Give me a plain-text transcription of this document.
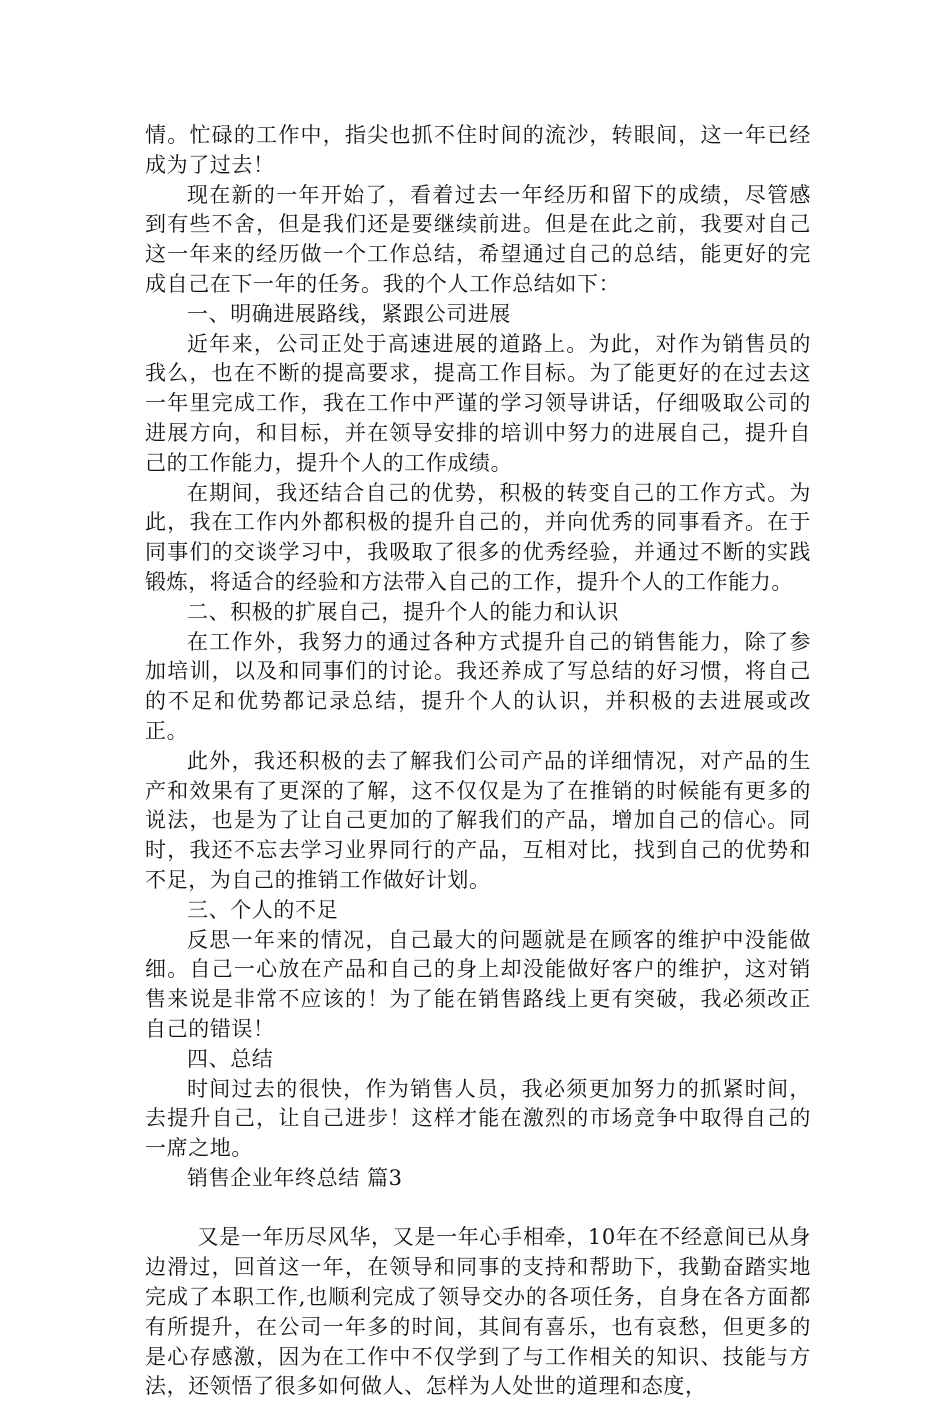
情。忙碌的工作中，指尖也抓不住时间的流沙，转眼间，这一年已经成为了过去！

现在新的一年开始了，看着过去一年经历和留下的成绩，尽管感到有些不舍，但是我们还是要继续前进。但是在此之前，我要对自己这一年来的经历做一个工作总结，希望通过自己的总结，能更好的完成自己在下一年的任务。我的个人工作总结如下：

一、明确进展路线，紧跟公司进展

近年来，公司正处于高速进展的道路上。为此，对作为销售员的我么，也在不断的提高要求，提高工作目标。为了能更好的在过去这一年里完成工作，我在工作中严谨的学习领导讲话，仔细吸取公司的进展方向，和目标，并在领导安排的培训中努力的进展自己，提升自己的工作能力，提升个人的工作成绩。

在期间，我还结合自己的优势，积极的转变自己的工作方式。为此，我在工作内外都积极的提升自己的，并向优秀的同事看齐。在于同事们的交谈学习中，我吸取了很多的优秀经验，并通过不断的实践锻炼，将适合的经验和方法带入自己的工作，提升个人的工作能力。

二、积极的扩展自己，提升个人的能力和认识

在工作外，我努力的通过各种方式提升自己的销售能力，除了参加培训，以及和同事们的讨论。我还养成了写总结的好习惯，将自己的不足和优势都记录总结，提升个人的认识，并积极的去进展或改正。

此外，我还积极的去了解我们公司产品的详细情况，对产品的生产和效果有了更深的了解，这不仅仅是为了在推销的时候能有更多的说法，也是为了让自己更加的了解我们的产品，增加自己的信心。同时，我还不忘去学习业界同行的产品，互相对比，找到自己的优势和不足，为自己的推销工作做好计划。

三、个人的不足

反思一年来的情况，自己最大的问题就是在顾客的维护中没能做细。自己一心放在产品和自己的身上却没能做好客户的维护，这对销售来说是非常不应该的！为了能在销售路线上更有突破，我必须改正自己的错误！

四、总结

时间过去的很快，作为销售人员，我必须更加努力的抓紧时间，去提升自己，让自己进步！这样才能在激烈的市场竞争中取得自己的一席之地。

销售企业年终总结 篇3

又是一年历尽风华，又是一年心手相牵，10年在不经意间已从身边滑过，回首这一年，在领导和同事的支持和帮助下，我勤奋踏实地完成了本职工作,也顺利完成了领导交办的各项任务，自身在各方面都有所提升，在公司一年多的时间，其间有喜乐，也有哀愁，但更多的是心存感激，因为在工作中不仅学到了与工作相关的知识、技能与方法，还领悟了很多如何做人、怎样为人处世的道理和态度，
